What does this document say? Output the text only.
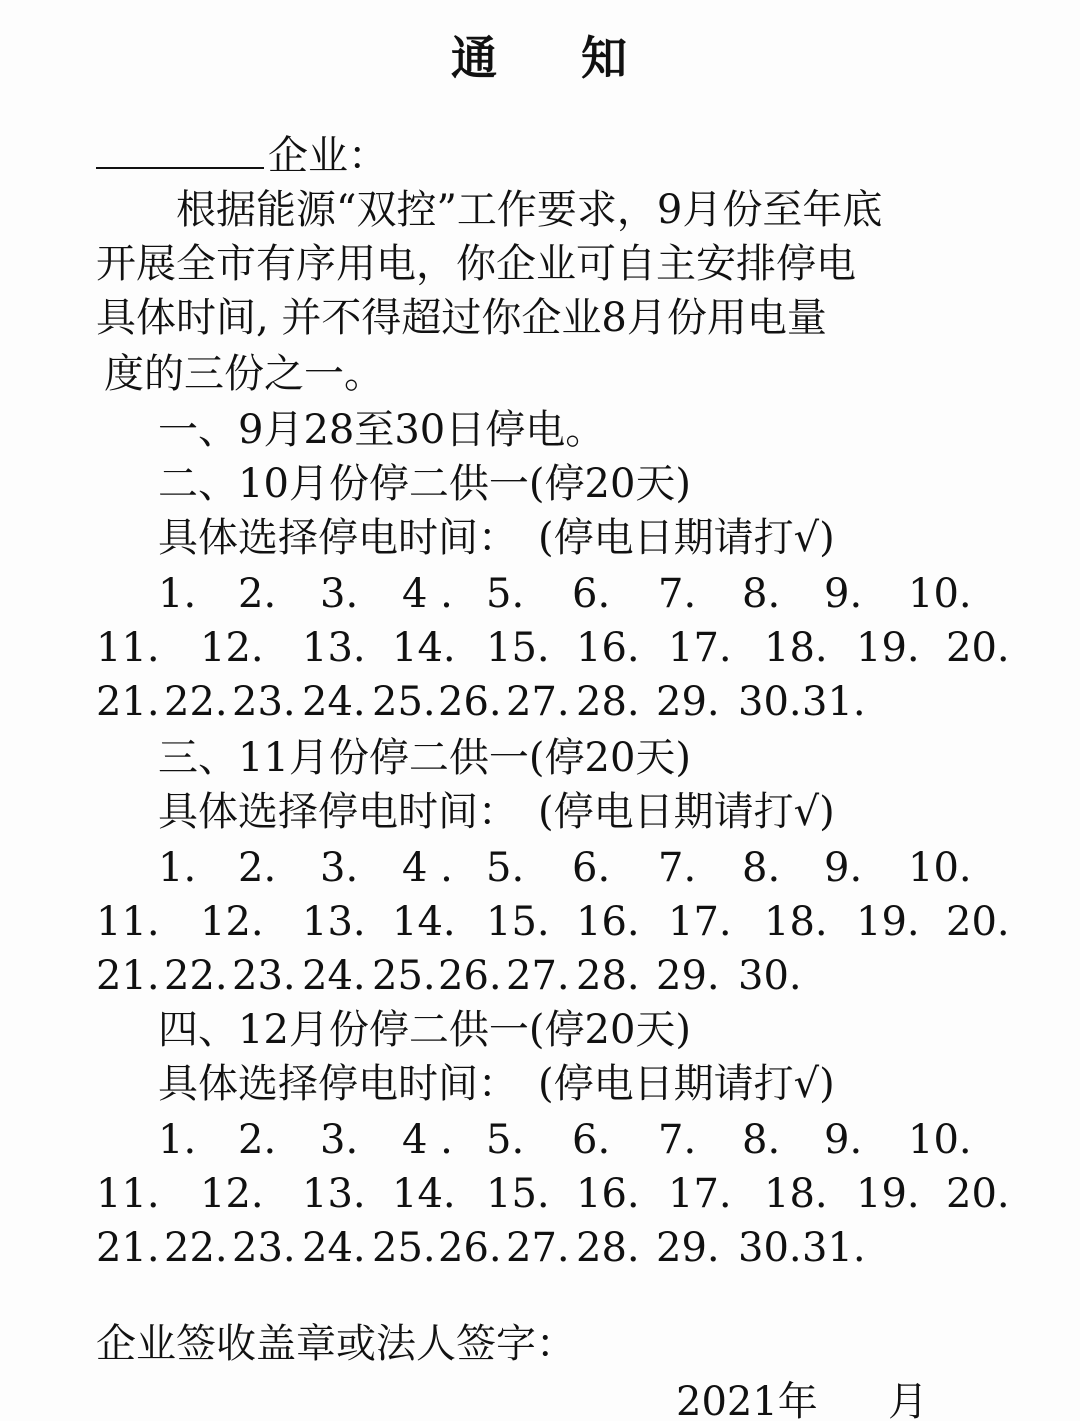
通 知
企业：
根据能源“双控”工作要求，9月份至年底
开展全市有序用电，你企业可自主安排停电
具体时间, 并不得超过你企业8月份用电量
度的三份之一。
一、9月28至30日停电。
二、10月份停二供一(停20天)
具体选择停电时间：　(停电日期请打√)
1. 2. 3. 4 . 5. 6. 7. 8. 9. 10.
11. 12. 13. 14. 15. 16. 17. 18. 19. 20.
21. 22. 23. 24. 25. 26. 27. 28. 29. 30. 31.
三、11月份停二供一(停20天)
具体选择停电时间：　(停电日期请打√)
1. 2. 3. 4 . 5. 6. 7. 8. 9. 10.
11. 12. 13. 14. 15. 16. 17. 18. 19. 20.
21. 22. 23. 24. 25. 26. 27. 28. 29. 30.
四、12月份停二供一(停20天)
具体选择停电时间：　(停电日期请打√)
1. 2. 3. 4 . 5. 6. 7. 8. 9. 10.
11. 12. 13. 14. 15. 16. 17. 18. 19. 20.
21. 22. 23. 24. 25. 26. 27. 28. 29. 30. 31.
企业签收盖章或法人签字：
2021年 月
